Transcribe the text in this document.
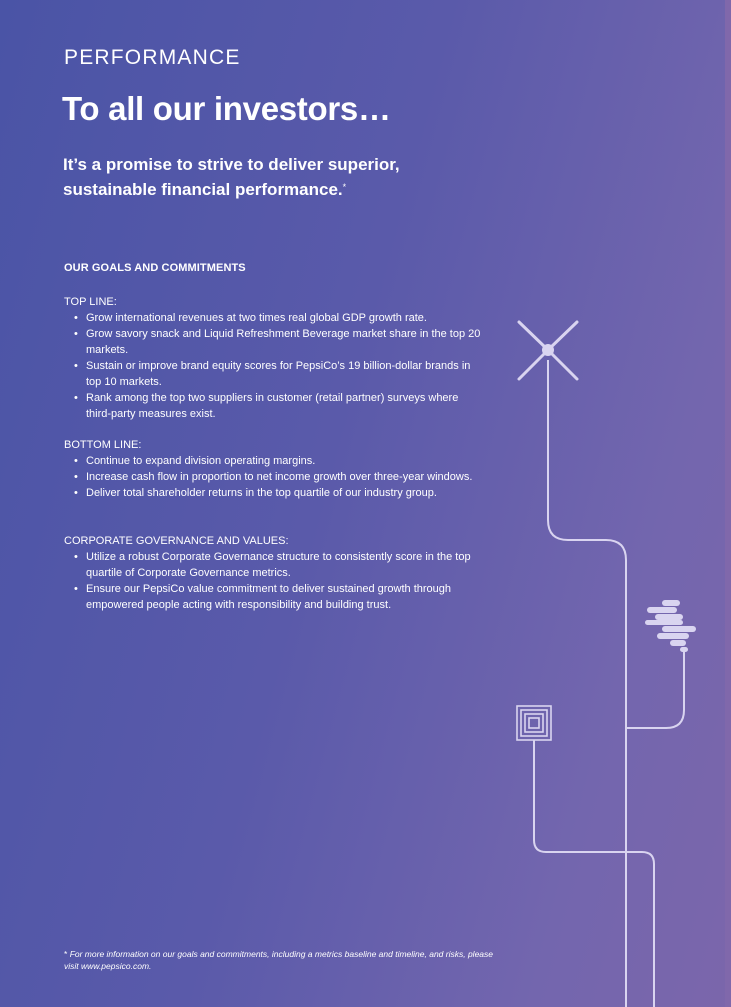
PERFORMANCE

To all our investors…

It’s a promise to strive to deliver superior, sustainable financial performance.*

OUR GOALS AND COMMITMENTS

TOP LINE:

• Grow international revenues at two times real global GDP growth rate.
• Grow savory snack and Liquid Refreshment Beverage market share in the top 20 markets.
• Sustain or improve brand equity scores for PepsiCo’s 19 billion-dollar brands in top 10 markets.
• Rank among the top two suppliers in customer (retail partner) surveys where third-party measures exist.

BOTTOM LINE:

• Continue to expand division operating margins.
• Increase cash flow in proportion to net income growth over three-year windows.
• Deliver total shareholder returns in the top quartile of our industry group.

CORPORATE GOVERNANCE AND VALUES:

• Utilize a robust Corporate Governance structure to consistently score in the top quartile of Corporate Governance metrics.
• Ensure our PepsiCo value commitment to deliver sustained growth through empowered people acting with responsibility and building trust.

* For more information on our goals and commitments, including a metrics baseline and timeline, and risks, please visit www.pepsico.com.
